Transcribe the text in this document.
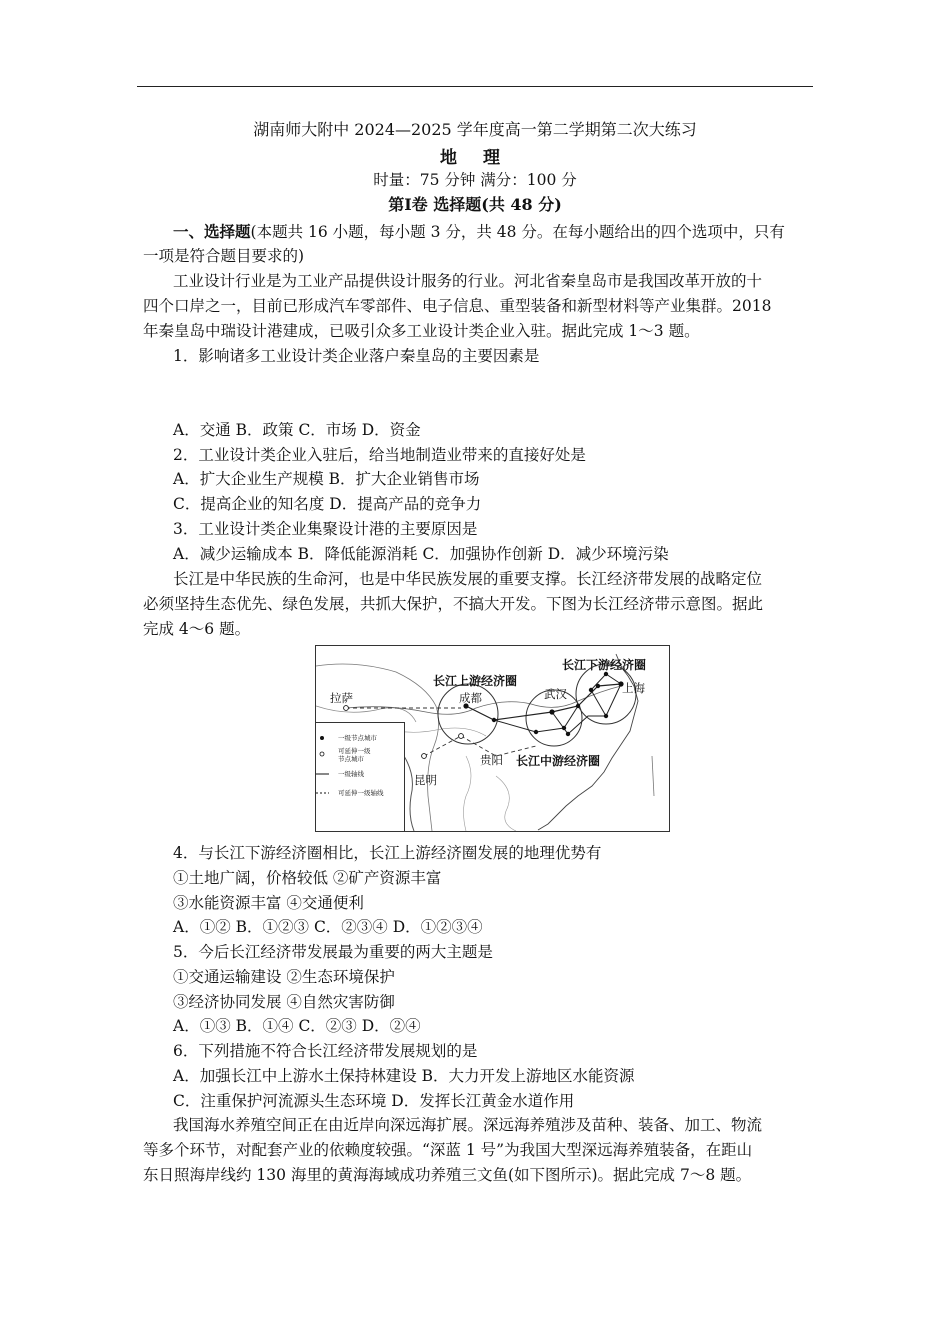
湖南师大附中 2024—2025 学年度高一第二学期第二次大练习
地 理
时量：75 分钟 满分：100 分
第Ⅰ卷 选择题(共 48 分)
一、选择题(本题共 16 小题，每小题 3 分，共 48 分。在每小题给出的四个选项中，只有
一项是符合题目要求的)
工业设计行业是为工业产品提供设计服务的行业。河北省秦皇岛市是我国改革开放的十
四个口岸之一，目前已形成汽车零部件、电子信息、重型装备和新型材料等产业集群。2018
年秦皇岛中瑞设计港建成，已吸引众多工业设计类企业入驻。据此完成 1～3 题。
1．影响诸多工业设计类企业落户秦皇岛的主要因素是
A．交通 B．政策 C．市场 D．资金
2．工业设计类企业入驻后，给当地制造业带来的直接好处是
A．扩大企业生产规模 B．扩大企业销售市场
C．提高企业的知名度 D．提高产品的竞争力
3．工业设计类企业集聚设计港的主要原因是
A．减少运输成本 B．降低能源消耗 C．加强协作创新 D．减少环境污染
长江是中华民族的生命河，也是中华民族发展的重要支撑。长江经济带发展的战略定位
必须坚持生态优先、绿色发展，共抓大保护，不搞大开发。下图为长江经济带示意图。据此
完成 4～6 题。
长江下游经济圈
长江上游经济圈
长江中游经济圈
拉萨	成都	武汉	上海
贵阳
昆明
一级节点城市
可延伸一级
节点城市
一级轴线
可延伸一级轴线
4．与长江下游经济圈相比，长江上游经济圈发展的地理优势有
①土地广阔，价格较低 ②矿产资源丰富
③水能资源丰富 ④交通便利
A．①② B．①②③ C．②③④ D．①②③④
5．今后长江经济带发展最为重要的两大主题是
①交通运输建设 ②生态环境保护
③经济协同发展 ④自然灾害防御
A．①③ B．①④ C．②③ D．②④
6．下列措施不符合长江经济带发展规划的是
A．加强长江中上游水土保持林建设 B．大力开发上游地区水能资源
C．注重保护河流源头生态环境 D．发挥长江黄金水道作用
我国海水养殖空间正在由近岸向深远海扩展。深远海养殖涉及苗种、装备、加工、物流
等多个环节，对配套产业的依赖度较强。“深蓝 1 号”为我国大型深远海养殖装备，在距山
东日照海岸线约 130 海里的黄海海域成功养殖三文鱼(如下图所示)。据此完成 7～8 题。
